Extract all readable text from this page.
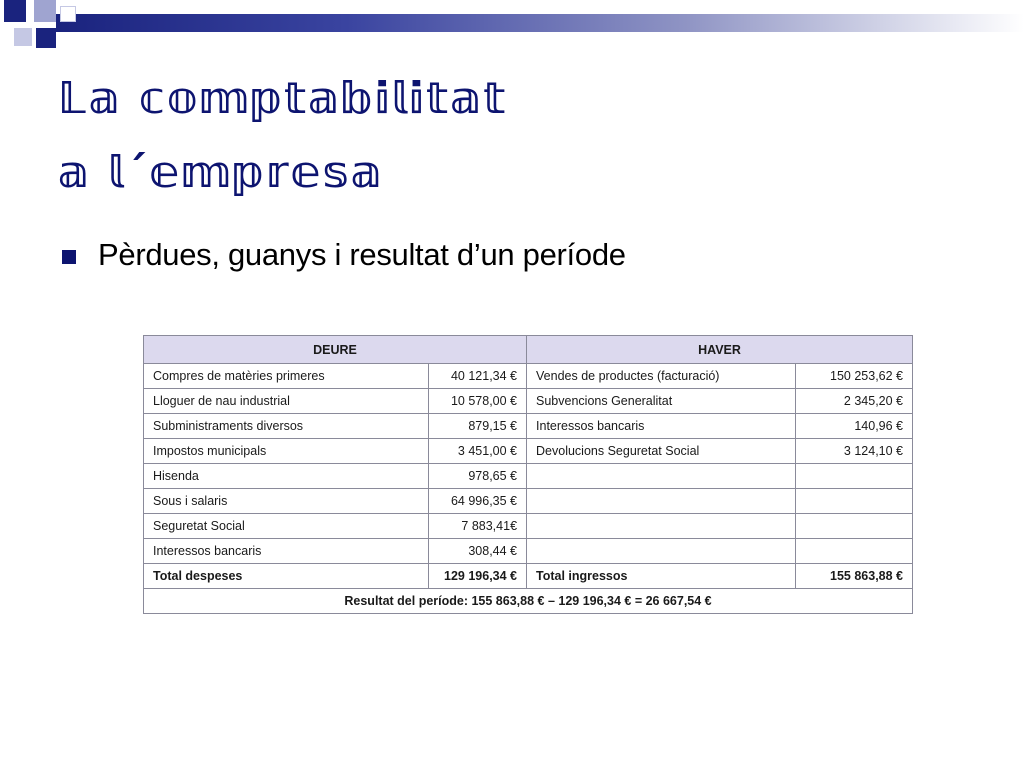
𝕃𝕒 𝕔𝕠𝕞𝕡𝕥𝕒𝕓𝕚𝕝𝕚𝕥𝕒𝕥
𝕒 𝕝´𝕖𝕞𝕡𝕣𝕖𝕤𝕒
Pèrdues, guanys i resultat d’un període
DEURE		HAVER	
Compres de matèries primeres	40 121,34 €	Vendes de productes (facturació)	150 253,62 €
Lloguer de nau industrial	10 578,00 €	Subvencions Generalitat	2 345,20 €
Subministraments diversos	879,15 €	Interessos bancaris	140,96 €
Impostos municipals	3 451,00 €	Devolucions Seguretat Social	3 124,10 €
Hisenda	978,65 €		
Sous i salaris	64 996,35 €		
Seguretat Social	7 883,41€		
Interessos bancaris	308,44 €		
Total despeses	129 196,34 €	Total ingressos	155 863,88 €
Resultat del període: 155 863,88 € – 129 196,34 € = 26 667,54 €			
